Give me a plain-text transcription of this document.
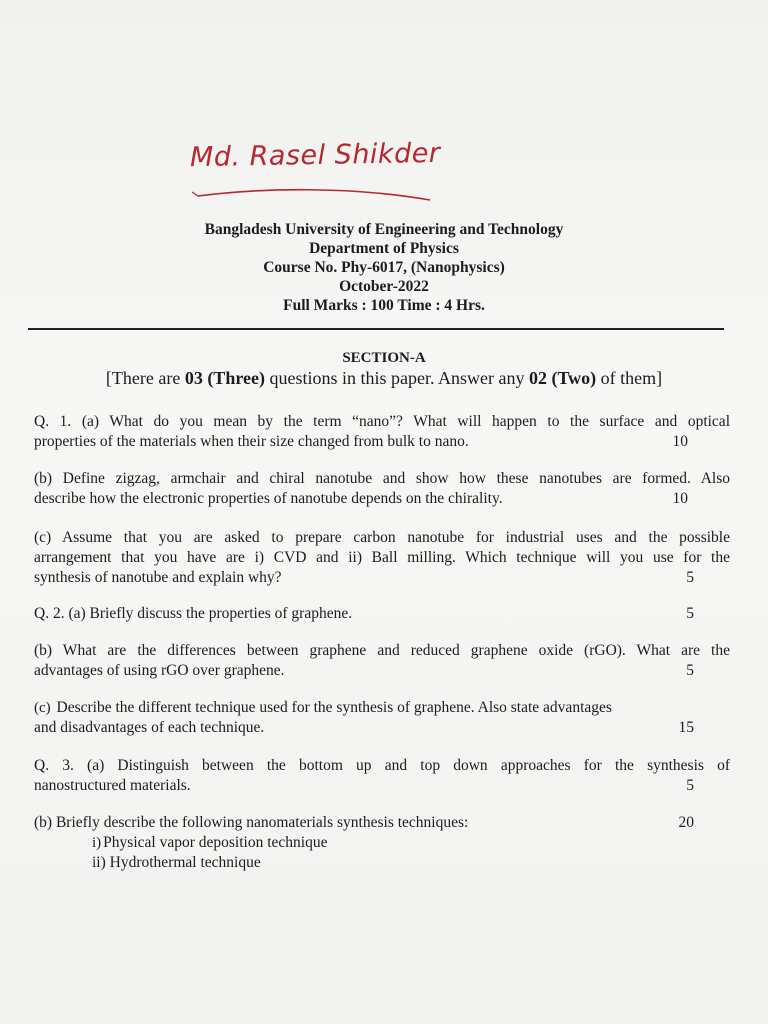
Md. Rasel Shikder
Bangladesh University of Engineering and Technology
Department of Physics
Course No. Phy-6017, (Nanophysics)
October-2022
Full Marks : 100 Time : 4 Hrs.
SECTION-A
[There are 03 (Three) questions in this paper. Answer any 02 (Two) of them]
Q. 1. (a) What do you mean by the term “nano”? What will happen to the surface and optical
properties of the materials when their size changed from bulk to nano.	10
(b) Define zigzag, armchair and chiral nanotube and show how these nanotubes are formed. Also
describe how the electronic properties of nanotube depends on the chirality.	10
(c) Assume that you are asked to prepare carbon nanotube for industrial uses and the possible
arrangement that you have are i) CVD and ii) Ball milling. Which technique will you use for the
synthesis of nanotube and explain why?	5
Q. 2. (a) Briefly discuss the properties of graphene.	5
(b) What are the differences between graphene and reduced graphene oxide (rGO). What are the
advantages of using rGO over graphene.	5
(c) Describe the different technique used for the synthesis of graphene. Also state advantages
and disadvantages of each technique.	15
Q. 3. (a) Distinguish between the bottom up and top down approaches for the synthesis of
nanostructured materials.	5
(b) Briefly describe the following nanomaterials synthesis techniques:	20
i) Physical vapor deposition technique
ii) Hydrothermal technique
